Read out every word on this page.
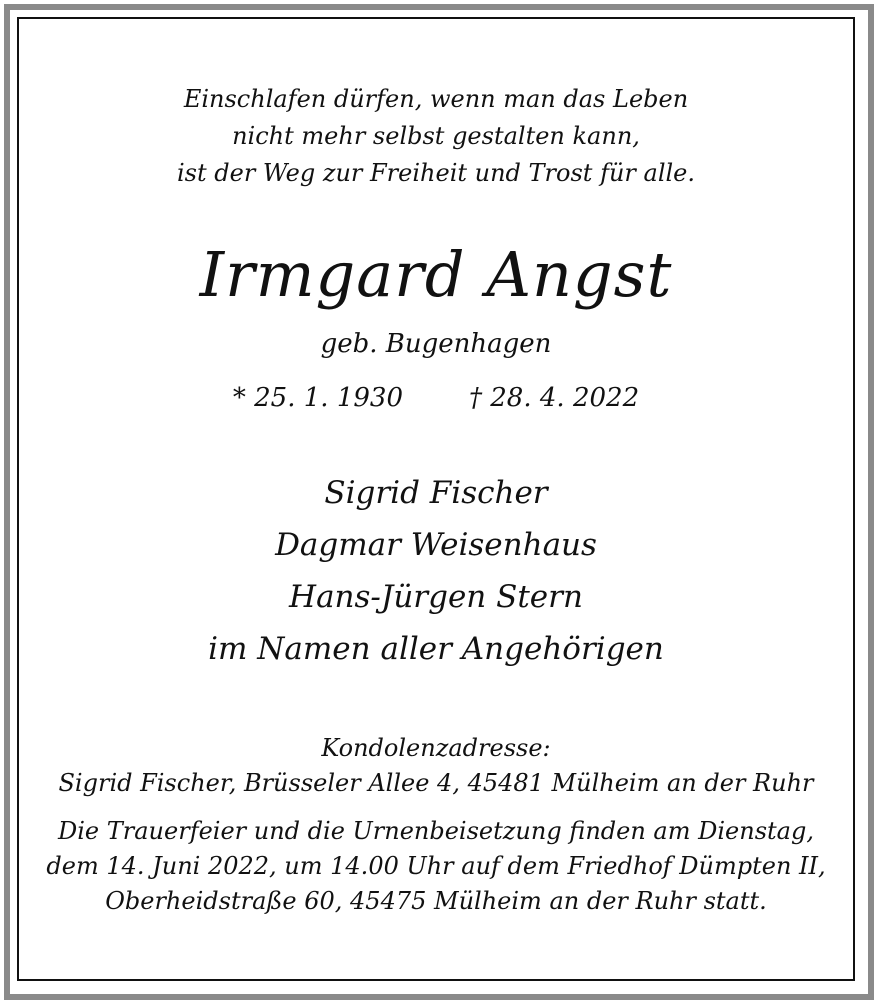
Einschlafen dürfen, wenn man das Leben
nicht mehr selbst gestalten kann,
ist der Weg zur Freiheit und Trost für alle.
Irmgard Angst
geb. Bugenhagen
* 25. 1. 1930	† 28. 4. 2022
Sigrid Fischer
Dagmar Weisenhaus
Hans-Jürgen Stern
im Namen aller Angehörigen
Kondolenzadresse:
Sigrid Fischer, Brüsseler Allee 4, 45481 Mülheim an der Ruhr
Die Trauerfeier und die Urnenbeisetzung finden am Dienstag,
dem 14. Juni 2022, um 14.00 Uhr auf dem Friedhof Dümpten II,
Oberheidstraße 60, 45475 Mülheim an der Ruhr statt.
